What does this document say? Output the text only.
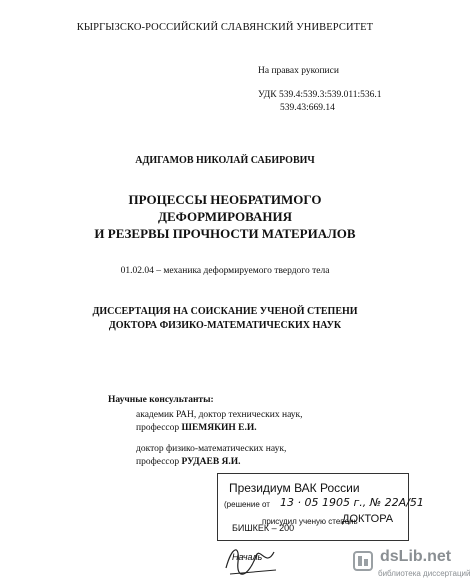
КЫРГЫЗСКО-РОССИЙСКИЙ СЛАВЯНСКИЙ УНИВЕРСИТЕТ
На правах рукописи
УДК 539.4:539.3:539.011:536.1
539.43:669.14
АДИГАМОВ НИКОЛАЙ САБИРОВИЧ
ПРОЦЕССЫ НЕОБРАТИМОГО
ДЕФОРМИРОВАНИЯ
И РЕЗЕРВЫ ПРОЧНОСТИ МАТЕРИАЛОВ
01.02.04 – механика деформируемого твердого тела
ДИССЕРТАЦИЯ НА СОИСКАНИЕ УЧЕНОЙ СТЕПЕНИ
ДОКТОРА ФИЗИКО-МАТЕМАТИЧЕСКИХ НАУК
Научные консультанты:
академик РАН, доктор технических наук,
профессор ШЕМЯКИН Е.И.
доктор физико-математических наук,
профессор РУДАЕВ Я.И.
Президиум ВАК России
(решение от 13 · 05 1905 г., № 22А/51
присудил ученую степень
ДОКТОРА
БИШКЕК – 200
Началь	dsLib.net
библиотека диссертаций
